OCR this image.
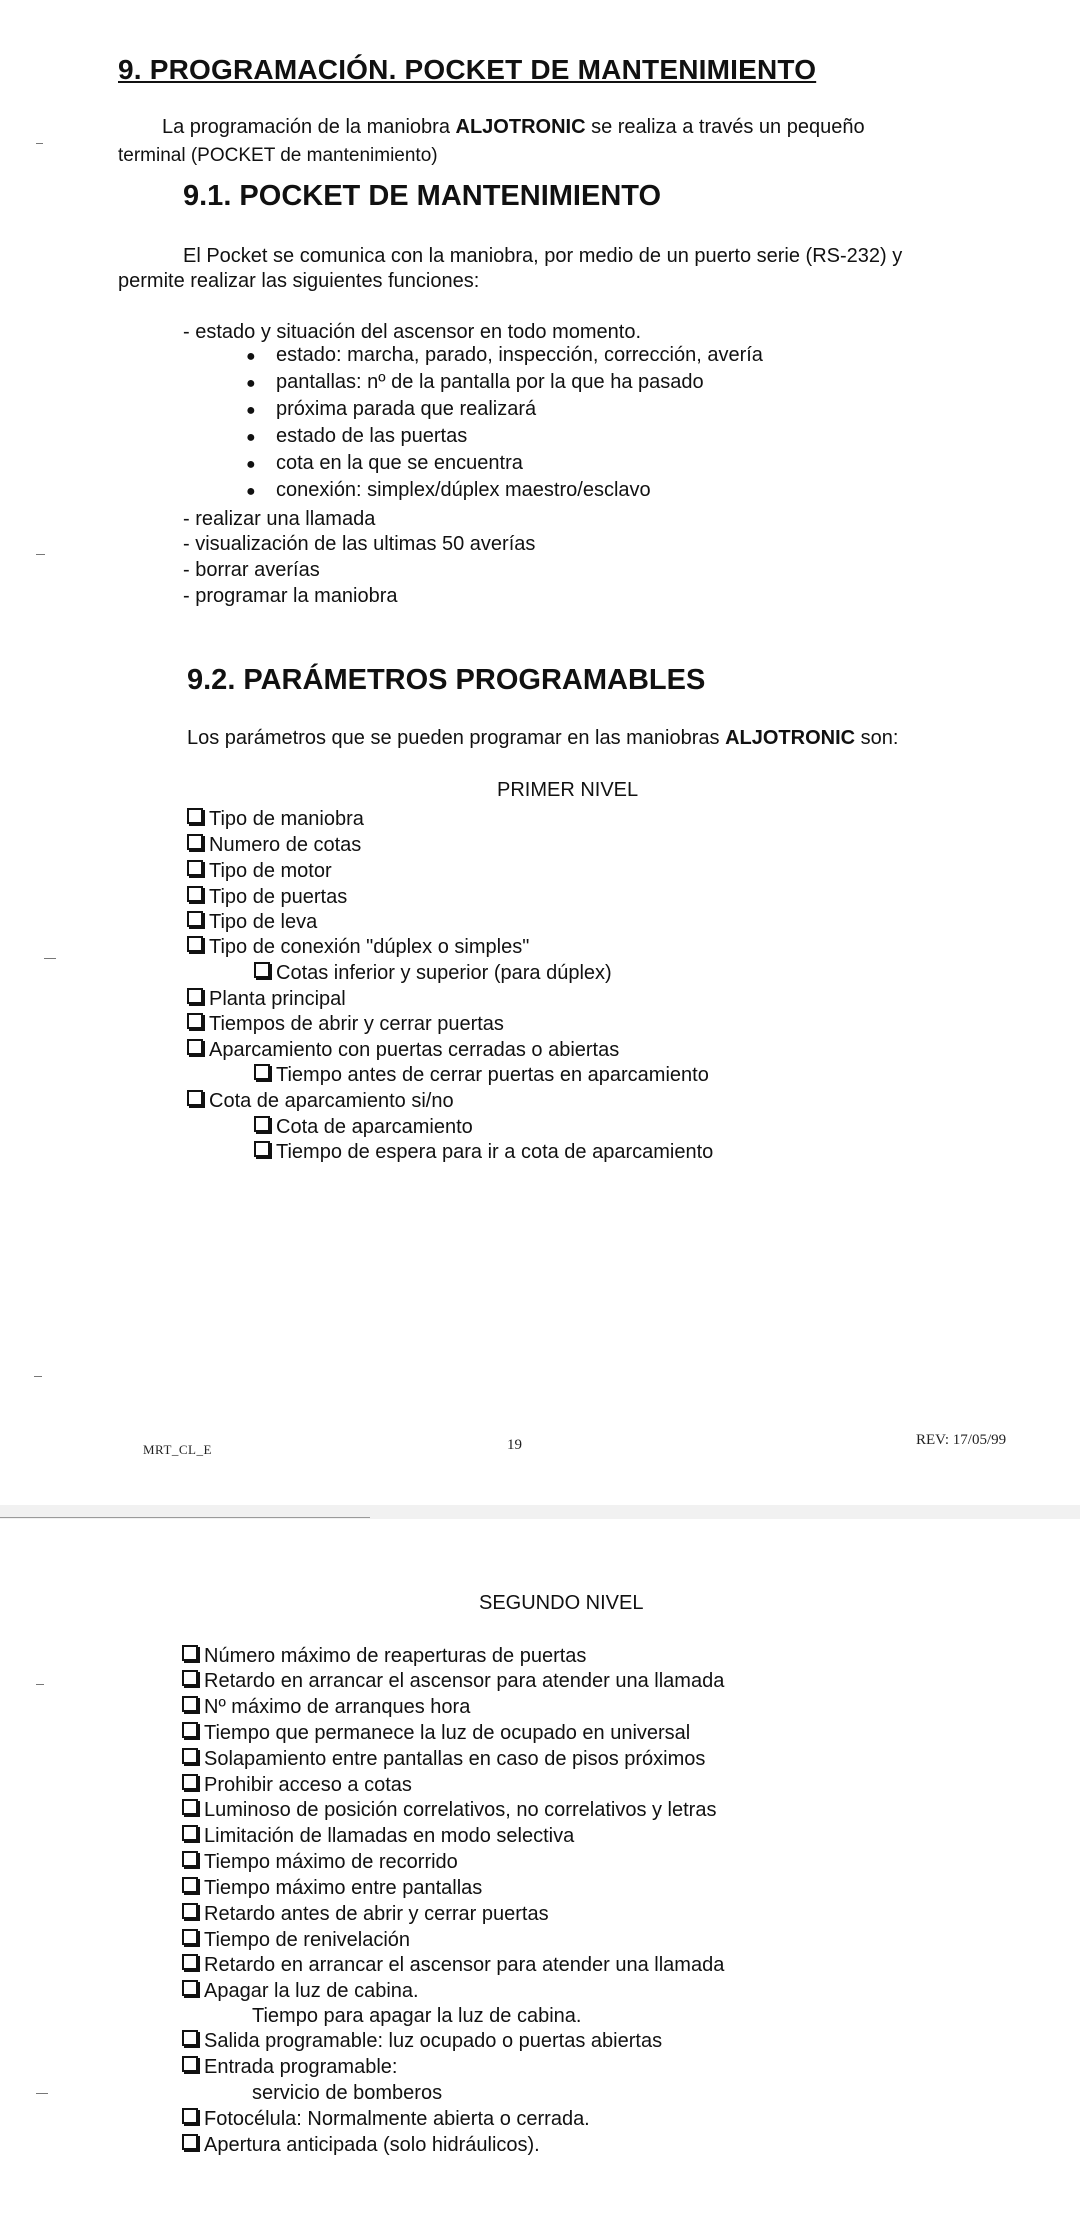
9. PROGRAMACIÓN. POCKET DE MANTENIMIENTO
La programación de la maniobra ALJOTRONIC se realiza a través un pequeño
terminal (POCKET de mantenimiento)
9.1. POCKET DE MANTENIMIENTO
El Pocket se comunica con la maniobra, por medio de un puerto serie (RS-232) y
permite realizar las siguientes funciones:
- estado y situación del ascensor en todo momento.
● estado: marcha, parado, inspección, corrección, avería
● pantallas: nº de la pantalla por la que ha pasado
● próxima parada que realizará
● estado de las puertas
● cota en la que se encuentra
● conexión: simplex/dúplex maestro/esclavo
- realizar una llamada
- visualización de las ultimas 50 averías
- borrar averías
- programar la maniobra
9.2. PARÁMETROS PROGRAMABLES
Los parámetros que se pueden programar en las maniobras ALJOTRONIC son:
PRIMER NIVEL
Tipo de maniobra
Numero de cotas
Tipo de motor
Tipo de puertas
Tipo de leva
Tipo de conexión "dúplex o simples"
Cotas inferior y superior (para dúplex)
Planta principal
Tiempos de abrir y cerrar puertas
Aparcamiento con puertas cerradas o abiertas
Tiempo antes de cerrar puertas en aparcamiento
Cota de aparcamiento si/no
Cota de aparcamiento
Tiempo de espera para ir a cota de aparcamiento
MRT_CL_E	19	REV: 17/05/99
SEGUNDO NIVEL
Número máximo de reaperturas de puertas
Retardo en arrancar el ascensor para atender una llamada
Nº máximo de arranques hora
Tiempo que permanece la luz de ocupado en universal
Solapamiento entre pantallas en caso de pisos próximos
Prohibir acceso a cotas
Luminoso de posición correlativos, no correlativos y letras
Limitación de llamadas en modo selectiva
Tiempo máximo de recorrido
Tiempo máximo entre pantallas
Retardo antes de abrir y cerrar puertas
Tiempo de renivelación
Retardo en arrancar el ascensor para atender una llamada
Apagar la luz de cabina.
Tiempo para apagar la luz de cabina.
Salida programable: luz ocupado o puertas abiertas
Entrada programable:
servicio de bomberos
Fotocélula: Normalmente abierta o cerrada.
Apertura anticipada (solo hidráulicos).
